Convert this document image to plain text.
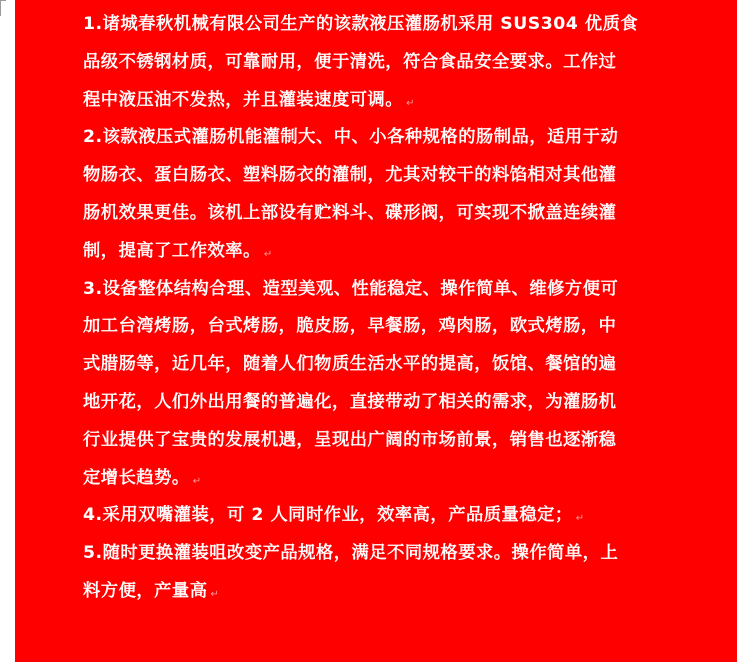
1.诸城春秋机械有限公司生产的该款液压灌肠机采用 SUS304 优质食
品级不锈钢材质，可靠耐用，便于清洗，符合食品安全要求。工作过
程中液压油不发热，并且灌装速度可调。 ↵
2.该款液压式灌肠机能灌制大、中、小各种规格的肠制品，适用于动
物肠衣、蛋白肠衣、塑料肠衣的灌制，尤其对较干的料馅相对其他灌
肠机效果更佳。该机上部设有贮料斗、碟形阀，可实现不掀盖连续灌
制，提高了工作效率。 ↵
3.设备整体结构合理、造型美观、性能稳定、操作简单、维修方便可
加工台湾烤肠，台式烤肠，脆皮肠，早餐肠，鸡肉肠，欧式烤肠，中
式腊肠等，近几年，随着人们物质生活水平的提高，饭馆、餐馆的遍
地开花，人们外出用餐的普遍化，直接带动了相关的需求，为灌肠机
行业提供了宝贵的发展机遇，呈现出广阔的市场前景，销售也逐渐稳
定增长趋势。 ↵
4.采用双嘴灌装，可 2 人同时作业，效率高，产品质量稳定； ↵
5.随时更换灌装咀改变产品规格，满足不同规格要求。操作简单，上
料方便，产量高 ↵
